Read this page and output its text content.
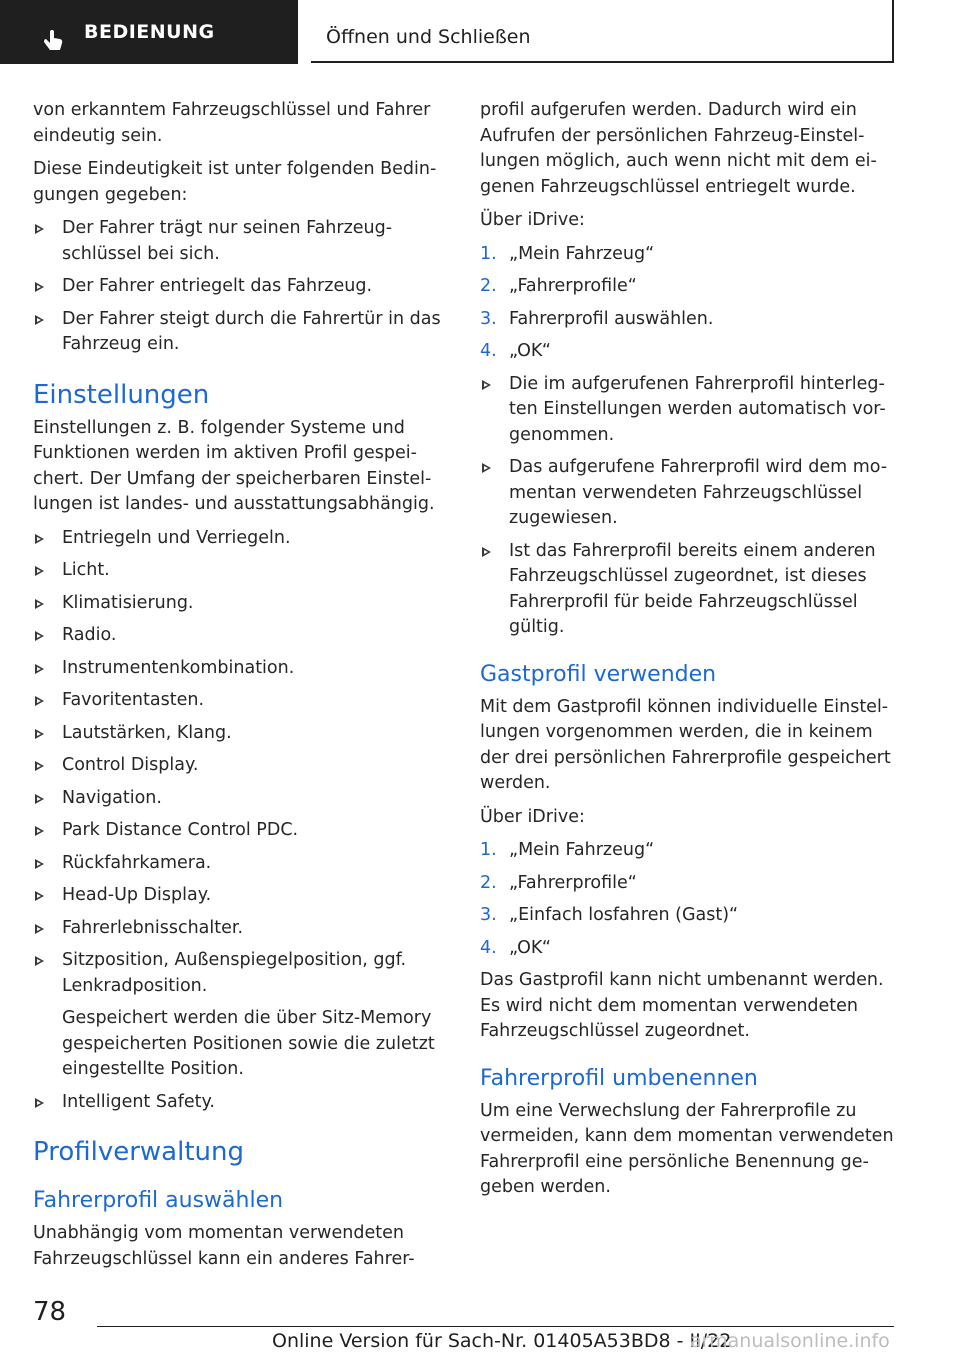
BEDIENUNG	Öffnen und Schließen

von erkanntem Fahrzeugschlüssel und Fahrer eindeutig sein.

Diese Eindeutigkeit ist unter folgenden Bedin-gungen gegeben:

Der Fahrer trägt nur seinen Fahrzeug-schlüssel bei sich.
Der Fahrer entriegelt das Fahrzeug.
Der Fahrer steigt durch die Fahrertür in das Fahrzeug ein.
Einstellungen

Einstellungen z. B. folgender Systeme und Funktionen werden im aktiven Profil gespei-chert. Der Umfang der speicherbaren Einstel-lungen ist landes- und ausstattungsabhängig.

Entriegeln und Verriegeln.
Licht.
Klimatisierung.
Radio.
Instrumentenkombination.
Favoritentasten.
Lautstärken, Klang.
Control Display.
Navigation.
Park Distance Control PDC.
Rückfahrkamera.
Head-Up Display.
Fahrerlebnisschalter.
Sitzposition, Außenspiegelposition, ggf. Lenkradposition.
Gespeichert werden die über Sitz-Memory gespeicherten Positionen sowie die zuletzt eingestellte Position.
Intelligent Safety.
Profilverwaltung
Fahrerprofil auswählen

Unabhängig vom momentan verwendeten Fahrzeugschlüssel kann ein anderes Fahrer-

profil aufgerufen werden. Dadurch wird ein Aufrufen der persönlichen Fahrzeug-Einstel-lungen möglich, auch wenn nicht mit dem ei-genen Fahrzeugschlüssel entriegelt wurde.

Über iDrive:

1. „Mein Fahrzeug“
2. „Fahrerprofile“
3. Fahrerprofil auswählen.
4. „OK“
Die im aufgerufenen Fahrerprofil hinterleg-ten Einstellungen werden automatisch vor-genommen.
Das aufgerufene Fahrerprofil wird dem mo-mentan verwendeten Fahrzeugschlüssel zugewiesen.
Ist das Fahrerprofil bereits einem anderen Fahrzeugschlüssel zugeordnet, ist dieses Fahrerprofil für beide Fahrzeugschlüssel gültig.
Gastprofil verwenden

Mit dem Gastprofil können individuelle Einstel-lungen vorgenommen werden, die in keinem der drei persönlichen Fahrerprofile gespeichert werden.

Über iDrive:

1. „Mein Fahrzeug“
2. „Fahrerprofile“
3. „Einfach losfahren (Gast)“
4. „OK“

Das Gastprofil kann nicht umbenannt werden. Es wird nicht dem momentan verwendeten Fahrzeugschlüssel zugeordnet.

Fahrerprofil umbenennen

Um eine Verwechslung der Fahrerprofile zu vermeiden, kann dem momentan verwendeten Fahrerprofil eine persönliche Benennung ge-geben werden.

78
Online Version für Sach-Nr. 01405A53BD8 - II/22
armanualsonline.info
